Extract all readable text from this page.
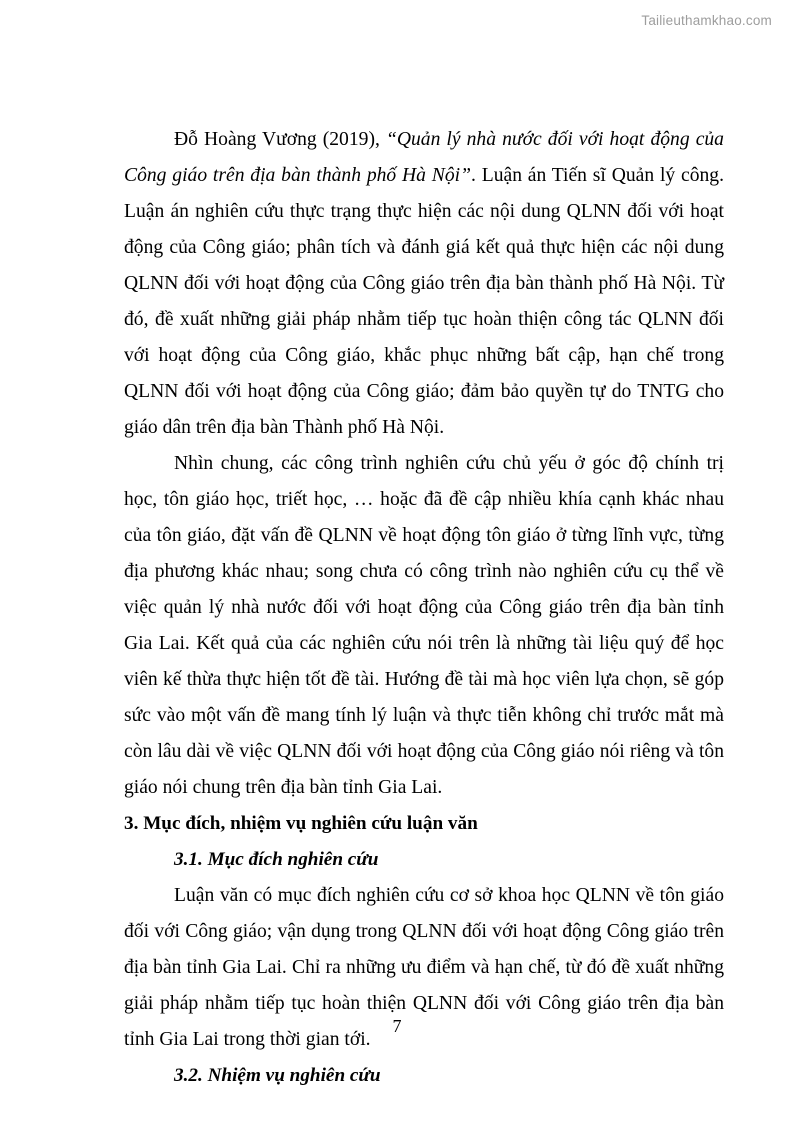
Tailieuthamkhao.com

Đỗ Hoàng Vương (2019), “Quản lý nhà nước đối với hoạt động của Công giáo trên địa bàn thành phố Hà Nội”. Luận án Tiến sĩ Quản lý công. Luận án nghiên cứu thực trạng thực hiện các nội dung QLNN đối với hoạt động của Công giáo; phân tích và đánh giá kết quả thực hiện các nội dung QLNN đối với hoạt động của Công giáo trên địa bàn thành phố Hà Nội. Từ đó, đề xuất những giải pháp nhằm tiếp tục hoàn thiện công tác QLNN đối với hoạt động của Công giáo, khắc phục những bất cập, hạn chế trong QLNN đối với hoạt động của Công giáo; đảm bảo quyền tự do TNTG cho giáo dân trên địa bàn Thành phố Hà Nội.

Nhìn chung, các công trình nghiên cứu chủ yếu ở góc độ chính trị học, tôn giáo học, triết học, … hoặc đã đề cập nhiều khía cạnh khác nhau của tôn giáo, đặt vấn đề QLNN về hoạt động tôn giáo ở từng lĩnh vực, từng địa phương khác nhau; song chưa có công trình nào nghiên cứu cụ thể về việc quản lý nhà nước đối với hoạt động của Công giáo trên địa bàn tỉnh Gia Lai. Kết quả của các nghiên cứu nói trên là những tài liệu quý để học viên kế thừa thực hiện tốt đề tài. Hướng đề tài mà học viên lựa chọn, sẽ góp sức vào một vấn đề mang tính lý luận và thực tiễn không chỉ trước mắt mà còn lâu dài về việc QLNN đối với hoạt động của Công giáo nói riêng và tôn giáo nói chung trên địa bàn tỉnh Gia Lai.

3. Mục đích, nhiệm vụ nghiên cứu luận văn

3.1. Mục đích nghiên cứu

Luận văn có mục đích nghiên cứu cơ sở khoa học QLNN về tôn giáo đối với Công giáo; vận dụng trong QLNN đối với hoạt động Công giáo trên địa bàn tỉnh Gia Lai. Chỉ ra những ưu điểm và hạn chế, từ đó đề xuất những giải pháp nhằm tiếp tục hoàn thiện QLNN đối với Công giáo trên địa bàn tỉnh Gia Lai trong thời gian tới.

3.2. Nhiệm vụ nghiên cứu

7
